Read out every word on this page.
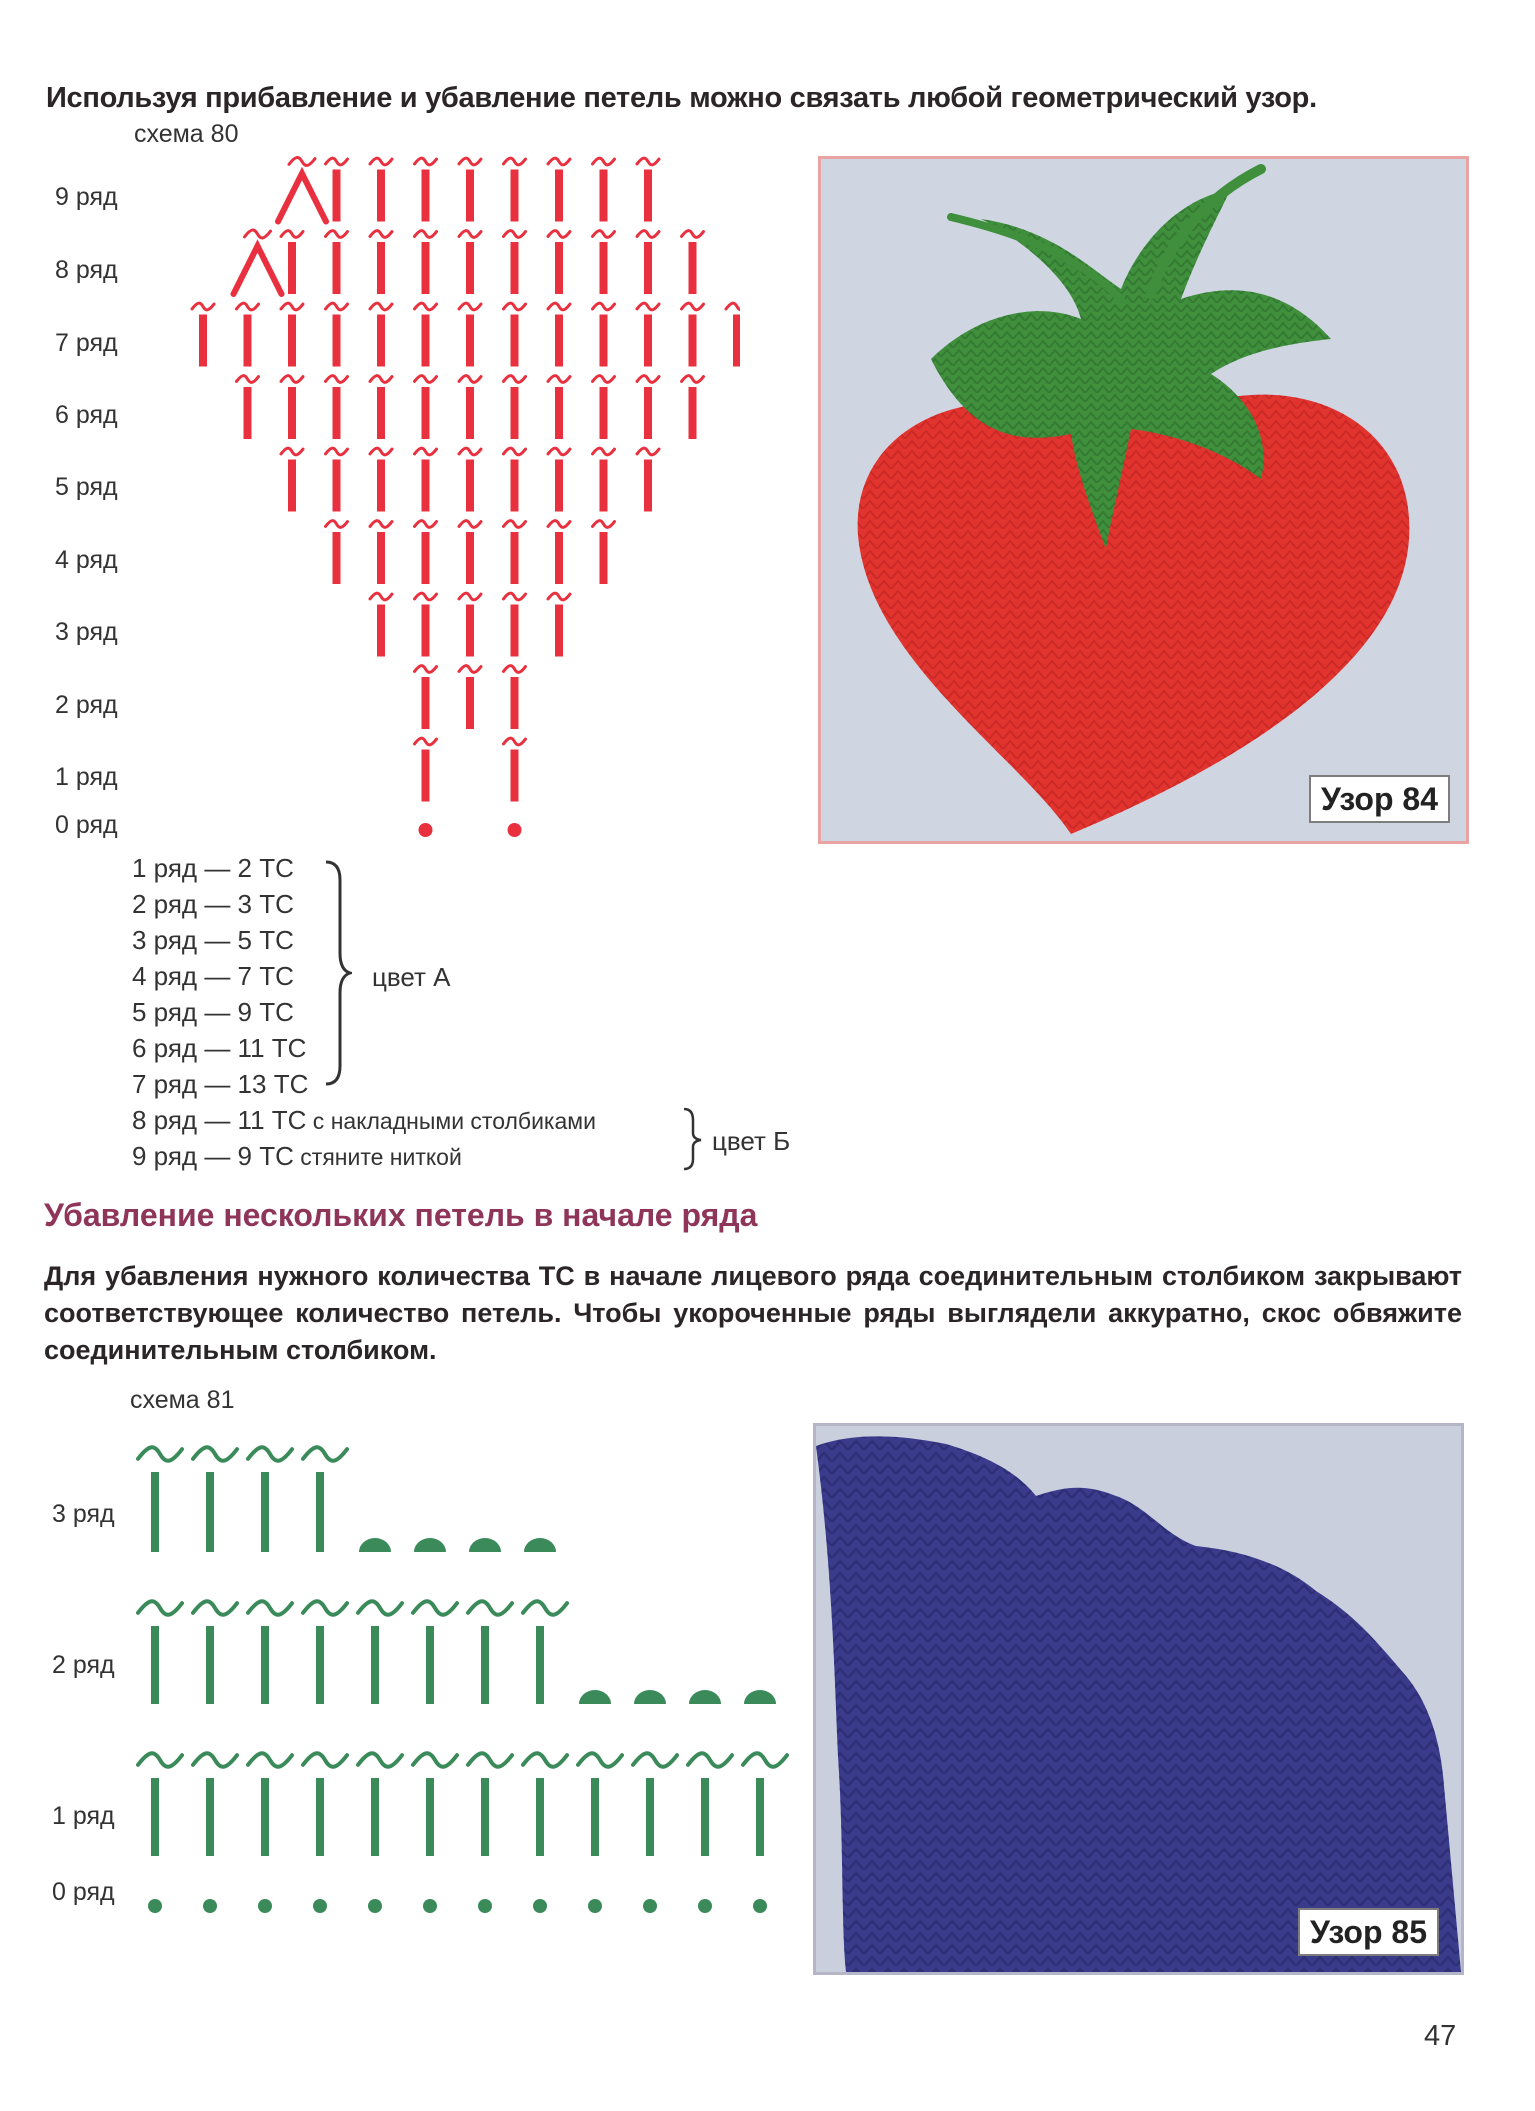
Используя прибавление и убавление петель можно связать любой геометрический узор.
схема 80
9 ряд
8 ряд
7 ряд
6 ряд
5 ряд
4 ряд
3 ряд
2 ряд
1 ряд
0 ряд
1 ряд — 2 ТС
2 ряд — 3 ТС
3 ряд — 5 ТС
4 ряд — 7 ТС
5 ряд — 9 ТС
6 ряд — 11 ТС
7 ряд — 13 ТС
цвет А
8 ряд — 11 ТС с накладными столбиками
9 ряд — 9 ТС стяните ниткой
цвет Б
Узор 84
Убавление нескольких петель в начале ряда
Для убавления нужного количества ТС в начале лицевого ряда соединительным столбиком закрывают соответствующее количество петель. Чтобы укороченные ряды выглядели аккуратно, скос обвяжите соединительным столбиком.
схема 81
3 ряд
2 ряд
1 ряд
0 ряд
Узор 85
47
